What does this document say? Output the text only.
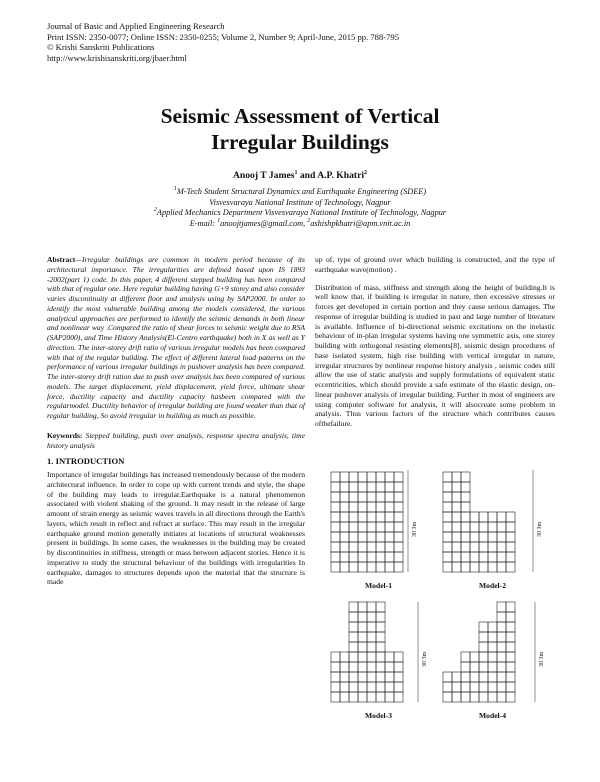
Journal of Basic and Applied Engineering Research
Print ISSN: 2350-0077; Online ISSN: 2350-0255; Volume 2, Number 9; April-June, 2015 pp. 788-795
© Krishi Sanskriti Publications
http://www.krishisanskriti.org/jbaer.html
Seismic Assessment of Vertical
Irregular Buildings
Anooj T James$^1$ and A.P. Khatri$^2$
$^1$M-Tech Student Structural Dynamics and Earthquake Engineering (SDEE)
Visvesvaraya National Institute of Technology, Nagpur
$^2$Applied Mechanics Department Visvesvaraya National Institute of Technology, Nagpur
E-mail: $^1$anoojtjames@gmail.com, $^2$ashishpkhatri@apm.vnit.ac.in

Abstract—Irregular buildings are common in modern period because of its architectural importance. The irregularities are defined based upon IS 1893 -2002(part 1) code. In this paper, 4 different stepped building has been compared with that of regular one. Here regular building having G+9 storey and also consider varies discontinuity at different floor and analysis using by SAP2000. In order to identify the most vulnerable building among the models considered, the various analytical approaches are performed to identify the seismic demands in both linear and nonlinear way .Compared the ratio of shear forces to seismic weight due to RSA (SAP2000), and Time History Analysis(El-Centro earthquake) both in X as well as Y direction. The inter-storey drift ratio of various irregular models has been compared with that of the regular building. The effect of different lateral load patterns on the performance of various irregular buildings in pushover analysis has been compared. The inter-storey drift ration due to push over analysis has been compared of various models. The target displacement, yield displacement, yield force, ultimate shear force, ductility capacity and ductility capacity hasbeen compared with the regularmodel. Ductility behavior of irregular building are found weaker than that of regular building, So avoid irregular in building as much as possible.

Keywords: Stepped building, push over analysis, response spectra analysis, time history analysis

1. INTRODUCTION

Importance of irregular buildings has increased tremendously because of the modern architectural influence. In order to cope up with current trends and style, the shape of the building may leads to irregular.Earthquake is a natural phenomenon associated with violent shaking of the ground. It may result in the release of large amount of strain energy as seismic waves travels in all directions through the Earth's layers, which result in reflect and refract at surface. This may result in the irregular earthquake ground motion generally initiates at locations of structural weaknesses present in buildings. In some cases, the weaknesses in the building may be created by discontinuities in stiffness, strength or mass between adjacent stories. Hence it is imperative to study the structural behaviour of the buildings with irregularities In earthquake, damages to structures depends upon the material that the structure is made

up of, type of ground over which building is constructed, and the type of earthquake wave(motion) .

Distribution of mass, stiffness and strength along the height of building.It is well know that, if building is irregular in nature, then excessive stresses or forces get developed in certain portion and they cause serious damages. The response of irregular building is studied in past and large number of literature is available. Influence of bi-directional seismic excitations on the inelastic behaviour of in-plan irregular systems having one symmetric axis, one storey building with orthogonal resisting elements[8], seismic design procedures of base isolated system, high rise building with vertical irregular in nature, irregular structures by nonlinear response history analysis , seismic codes still allow the use of static analysis and supply formulations of equivalent static eccentricities, which should provide a safe estimate of the elastic design, on-linear pushover analysis of irregular building. Further in most of engineers are using computer software for analysis, it will alsocreate some problem in analysis. Thus various factors of the structure which contributes causes ofthefailure.

30 3m
Model-1
30 3m
Model-2
30 3m
Model-3
30 3m
Model-4
